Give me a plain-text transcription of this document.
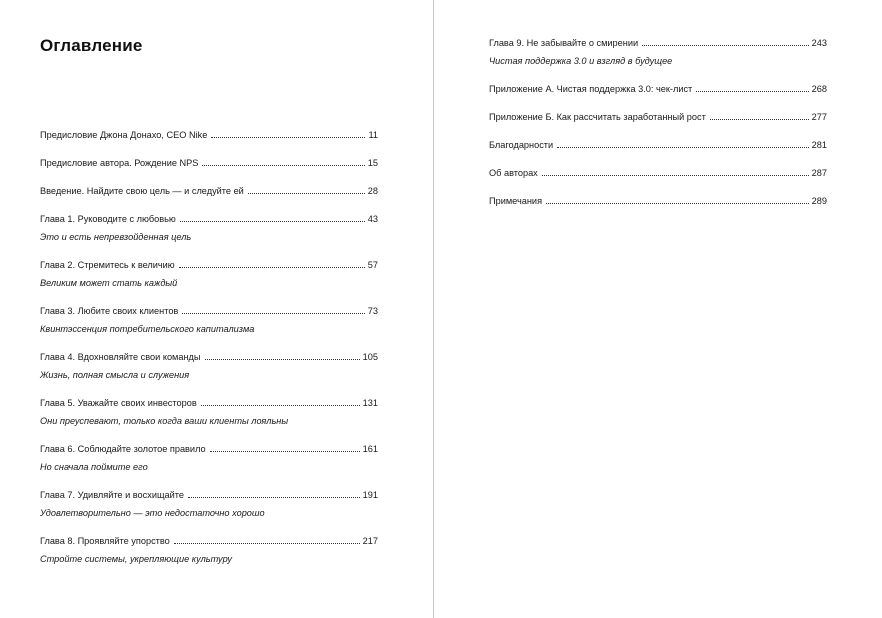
Оглавление
Предисловие Джона Донахо, CEO Nike	11
Предисловие автора. Рождение NPS	15
Введение. Найдите свою цель — и следуйте ей	28
Глава 1. Руководите с любовью	43
Это и есть непревзойденная цель
Глава 2. Стремитесь к величию	57
Великим может стать каждый
Глава 3. Любите своих клиентов	73
Квинтэссенция потребительского капитализма
Глава 4. Вдохновляйте свои команды	105
Жизнь, полная смысла и служения
Глава 5. Уважайте своих инвесторов	131
Они преуспевают, только когда ваши клиенты лояльны
Глава 6. Соблюдайте золотое правило	161
Но сначала поймите его
Глава 7. Удивляйте и восхищайте	191
Удовлетворительно — это недостаточно хорошо
Глава 8. Проявляйте упорство	217
Стройте системы, укрепляющие культуру
Глава 9. Не забывайте о смирении	243
Чистая поддержка 3.0 и взгляд в будущее
Приложение А. Чистая поддержка 3.0: чек-лист	268
Приложение Б. Как рассчитать заработанный рост	277
Благодарности	281
Об авторах	287
Примечания	289
